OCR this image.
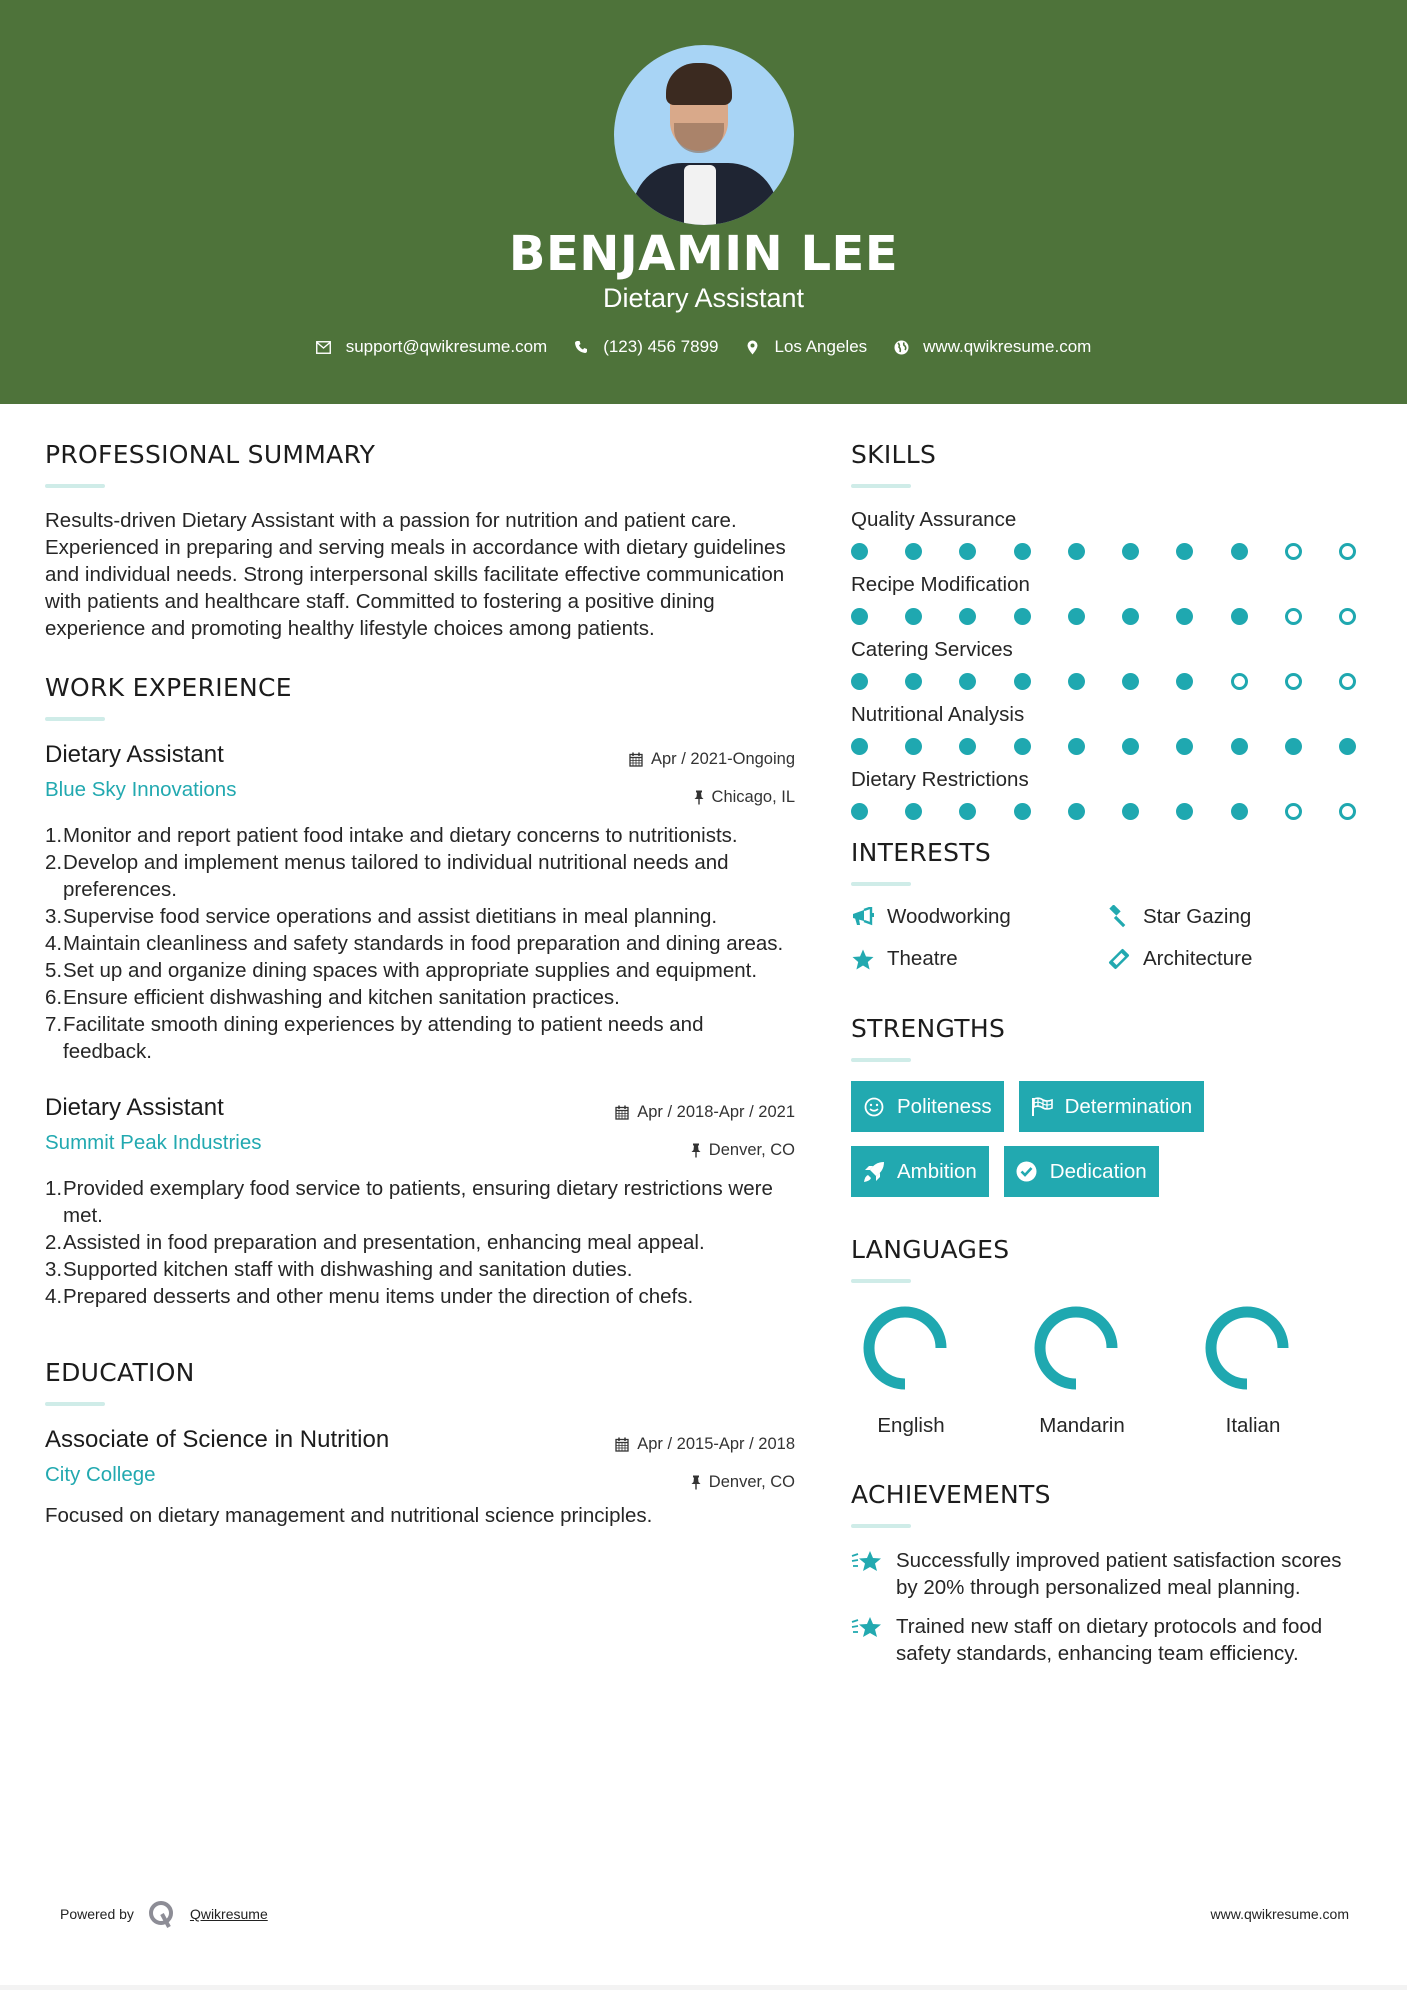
BENJAMIN LEE
Dietary Assistant
support@qwikresume.com	(123) 456 7899	Los Angeles	www.qwikresume.com
PROFESSIONAL SUMMARY

Results-driven Dietary Assistant with a passion for nutrition and patient care. Experienced in preparing and serving meals in accordance with dietary guidelines and individual needs. Strong interpersonal skills facilitate effective communication with patients and healthcare staff. Committed to fostering a positive dining experience and promoting healthy lifestyle choices among patients.

WORK EXPERIENCE
Dietary Assistant
Blue Sky Innovations
Apr / 2021-Ongoing
Chicago, IL
1. Monitor and report patient food intake and dietary concerns to nutritionists.
2. Develop and implement menus tailored to individual nutritional needs and preferences.
3. Supervise food service operations and assist dietitians in meal planning.
4. Maintain cleanliness and safety standards in food preparation and dining areas.
5. Set up and organize dining spaces with appropriate supplies and equipment.
6. Ensure efficient dishwashing and kitchen sanitation practices.
7. Facilitate smooth dining experiences by attending to patient needs and feedback.
Dietary Assistant
Summit Peak Industries
Apr / 2018-Apr / 2021
Denver, CO
1. Provided exemplary food service to patients, ensuring dietary restrictions were met.
2. Assisted in food preparation and presentation, enhancing meal appeal.
3. Supported kitchen staff with dishwashing and sanitation duties.
4. Prepared desserts and other menu items under the direction of chefs.
EDUCATION
Associate of Science in Nutrition
City College
Apr / 2015-Apr / 2018
Denver, CO

Focused on dietary management and nutritional science principles.

SKILLS
Quality Assurance
Recipe Modification
Catering Services
Nutritional Analysis
Dietary Restrictions
INTERESTS
Woodworking	Star Gazing
Theatre	Architecture
STRENGTHS
Politeness	Determination
Ambition	Dedication
LANGUAGES
English	Mandarin	Italian
ACHIEVEMENTS
Successfully improved patient satisfaction scores by 20% through personalized meal planning.
Trained new staff on dietary protocols and food safety standards, enhancing team efficiency.
Powered by	Qwikresume	www.qwikresume.com
